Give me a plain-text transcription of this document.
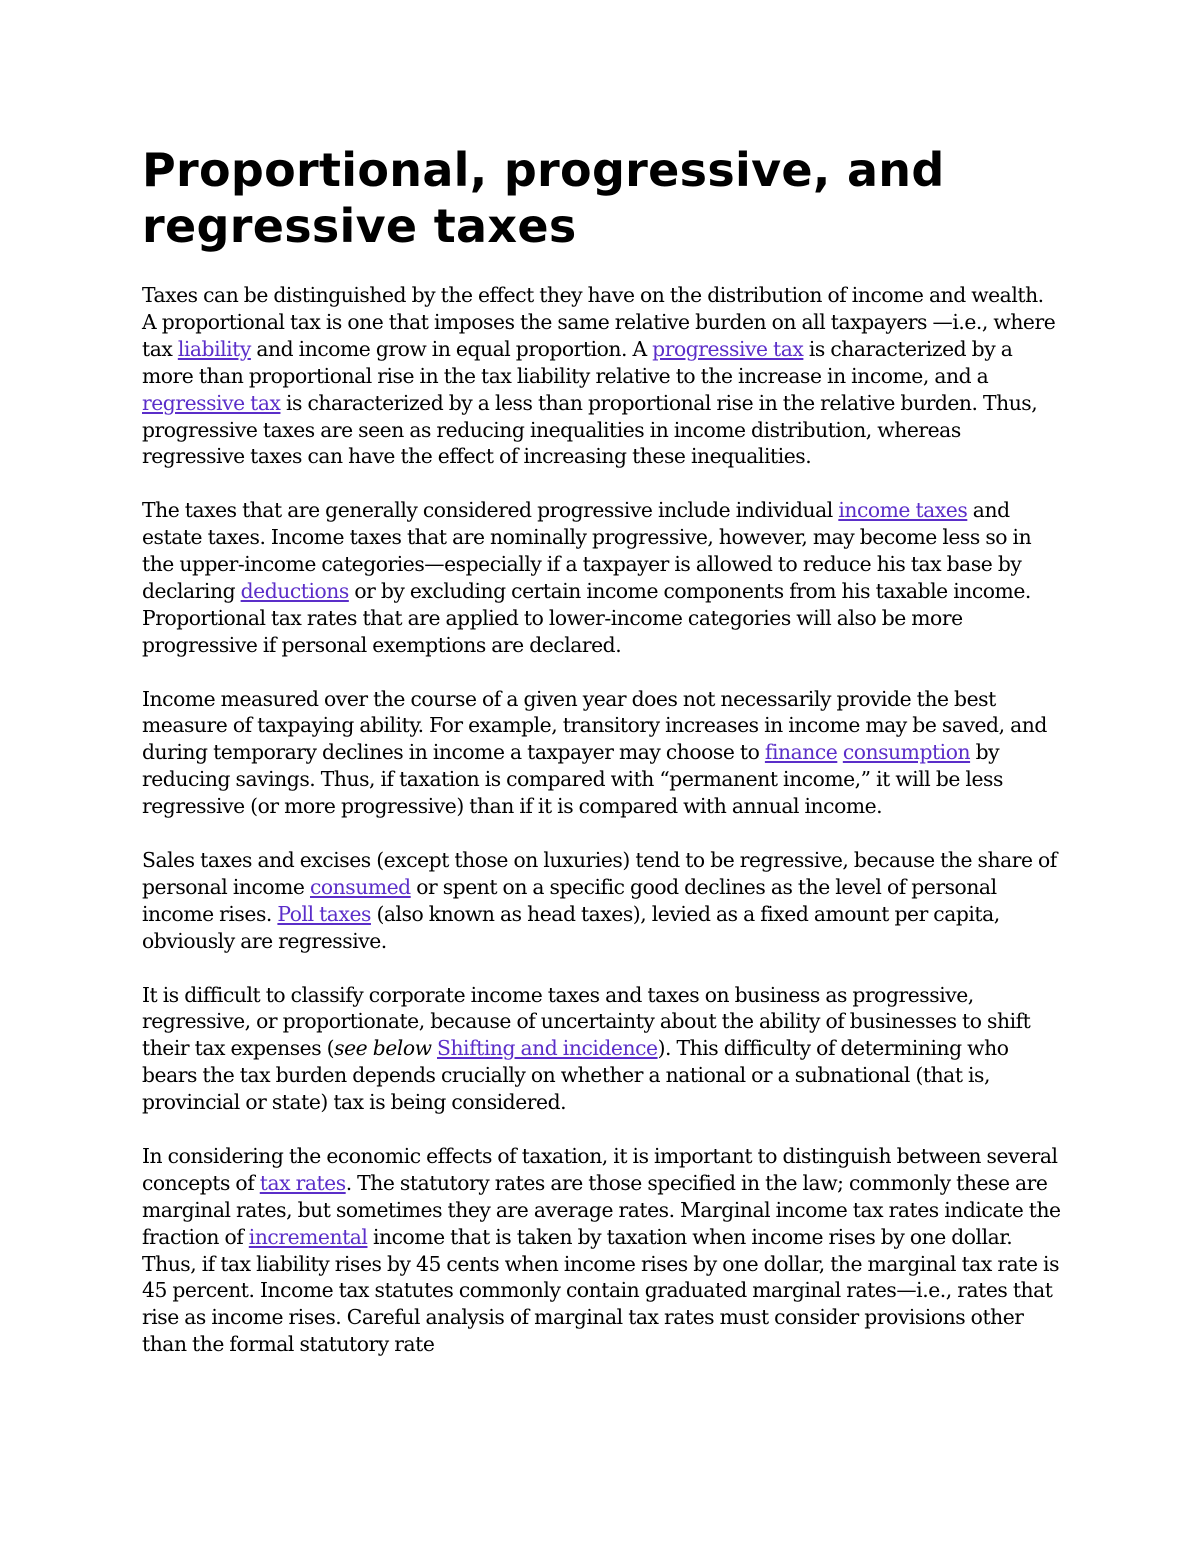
Proportional, progressive, and regressive taxes

Taxes can be distinguished by the effect they have on the distribution of income and wealth. A proportional tax is one that imposes the same relative burden on all taxpayers —i.e., where tax liability and income grow in equal proportion. A progressive tax is characterized by a more than proportional rise in the tax liability relative to the increase in income, and a regressive tax is characterized by a less than proportional rise in the relative burden. Thus, progressive taxes are seen as reducing inequalities in income distribution, whereas regressive taxes can have the effect of increasing these inequalities.

The taxes that are generally considered progressive include individual income taxes and estate taxes. Income taxes that are nominally progressive, however, may become less so in the upper-income categories—especially if a taxpayer is allowed to reduce his tax base by declaring deductions or by excluding certain income components from his taxable income. Proportional tax rates that are applied to lower-income categories will also be more progressive if personal exemptions are declared.

Income measured over the course of a given year does not necessarily provide the best measure of taxpaying ability. For example, transitory increases in income may be saved, and during temporary declines in income a taxpayer may choose to finance consumption by reducing savings. Thus, if taxation is compared with “permanent income,” it will be less regressive (or more progressive) than if it is compared with annual income.

Sales taxes and excises (except those on luxuries) tend to be regressive, because the share of personal income consumed or spent on a specific good declines as the level of personal income rises. Poll taxes (also known as head taxes), levied as a fixed amount per capita, obviously are regressive.

It is difficult to classify corporate income taxes and taxes on business as progressive, regressive, or proportionate, because of uncertainty about the ability of businesses to shift their tax expenses (see below Shifting and incidence). This difficulty of determining who bears the tax burden depends crucially on whether a national or a subnational (that is, provincial or state) tax is being considered.

In considering the economic effects of taxation, it is important to distinguish between several concepts of tax rates. The statutory rates are those specified in the law; commonly these are marginal rates, but sometimes they are average rates. Marginal income tax rates indicate the fraction of incremental income that is taken by taxation when income rises by one dollar. Thus, if tax liability rises by 45 cents when income rises by one dollar, the marginal tax rate is 45 percent. Income tax statutes commonly contain graduated marginal rates—i.e., rates that rise as income rises. Careful analysis of marginal tax rates must consider provisions other than the formal statutory rate
